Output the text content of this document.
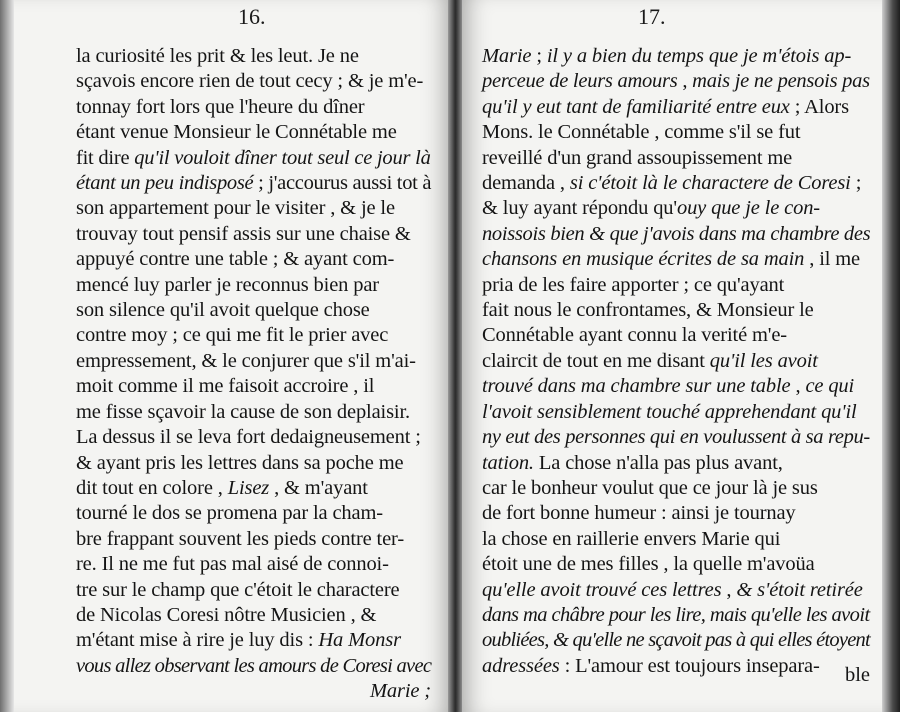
16.
la curiosité les prit & les leut. Je ne
sçavois encore rien de tout cecy ; & je m'e-
tonnay fort lors que l'heure du dîner
étant venue Monsieur le Connétable me
fit dire qu'il vouloit dîner tout seul ce jour là
étant un peu indisposé ; j'accourus aussi tot à
son appartement pour le visiter , & je le
trouvay tout pensif assis sur une chaise &
appuyé contre une table ; & ayant com-
mencé luy parler je reconnus bien par
son silence qu'il avoit quelque chose
contre moy ; ce qui me fit le prier avec
empressement, & le conjurer que s'il m'ai-
moit comme il me faisoit accroire , il
me fisse sçavoir la cause de son deplaisir.
La dessus il se leva fort dedaigneusement ;
& ayant pris les lettres dans sa poche me
dit tout en colore , Lisez , & m'ayant
tourné le dos se promena par la cham-
bre frappant souvent les pieds contre ter-
re. Il ne me fut pas mal aisé de connoi-
tre sur le champ que c'étoit le charactere
de Nicolas Coresi nôtre Musicien , &
m'étant mise à rire je luy dis : Ha Monsr
vous allez observant les amours de Coresi avec
Marie ;
17.
Marie ; il y a bien du temps que je m'étois ap-
perceue de leurs amours , mais je ne pensois pas
qu'il y eut tant de familiarité entre eux ; Alors
Mons. le Connétable , comme s'il se fut
reveillé d'un grand assoupissement me
demanda , si c'étoit là le charactere de Coresi ;
& luy ayant répondu qu'ouy que je le con-
noissois bien & que j'avois dans ma chambre des
chansons en musique écrites de sa main , il me
pria de les faire apporter ; ce qu'ayant
fait nous le confrontames, & Monsieur le
Connétable ayant connu la verité m'e-
claircit de tout en me disant qu'il les avoit
trouvé dans ma chambre sur une table , ce qui
l'avoit sensiblement touché apprehendant qu'il
ny eut des personnes qui en voulussent à sa repu-
tation. La chose n'alla pas plus avant,
car le bonheur voulut que ce jour là je sus
de fort bonne humeur : ainsi je tournay
la chose en raillerie envers Marie qui
étoit une de mes filles , la quelle m'avoüa
qu'elle avoit trouvé ces lettres , & s'étoit retirée
dans ma châbre pour les lire, mais qu'elle les avoit
oubliées, & qu'elle ne sçavoit pas à qui elles étoyent
adressées : L'amour est toujours insepara-	ble
